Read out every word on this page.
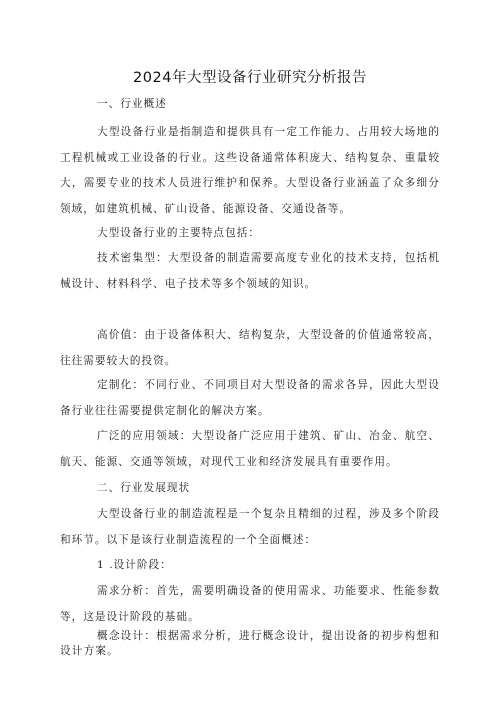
2024年大型设备行业研究分析报告

一、行业概述

大型设备行业是指制造和提供具有一定工作能力、占用较大场地的工程机械或工业设备的行业。这些设备通常体积庞大、结构复杂、重量较大，需要专业的技术人员进行维护和保养。大型设备行业涵盖了众多细分领域，如建筑机械、矿山设备、能源设备、交通设备等。

大型设备行业的主要特点包括：

技术密集型：大型设备的制造需要高度专业化的技术支持，包括机械设计、材料科学、电子技术等多个领域的知识。

高价值：由于设备体积大、结构复杂，大型设备的价值通常较高，往往需要较大的投资。

定制化：不同行业、不同项目对大型设备的需求各异，因此大型设备行业往往需要提供定制化的解决方案。

广泛的应用领域：大型设备广泛应用于建筑、矿山、冶金、航空、航天、能源、交通等领域，对现代工业和经济发展具有重要作用。

二、行业发展现状

大型设备行业的制造流程是一个复杂且精细的过程，涉及多个阶段和环节。以下是该行业制造流程的一个全面概述：

1 .设计阶段：

需求分析：首先，需要明确设备的使用需求、功能要求、性能参数等，这是设计阶段的基础。

概念设计：根据需求分析，进行概念设计，提出设备的初步构想和设计方案。
